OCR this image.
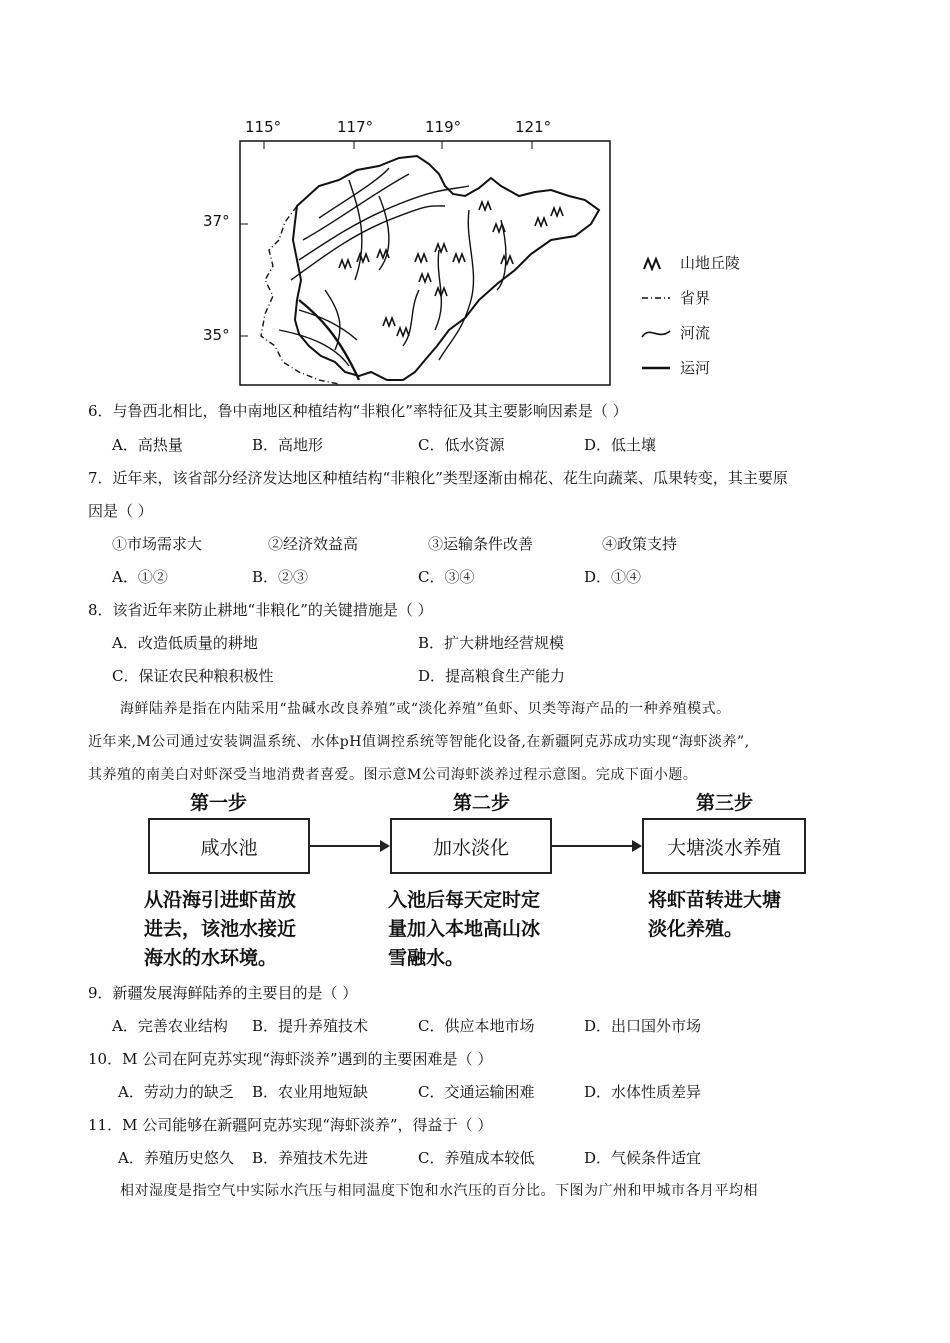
115°	117°	119°	121°
37°
35°
山地丘陵
省界
河流
运河
6．与鲁西北相比，鲁中南地区种植结构“非粮化”率特征及其主要影响因素是（ ）
A．高热量	B．高地形	C．低水资源	D．低土壤
7．近年来，该省部分经济发达地区种植结构“非粮化”类型逐渐由棉花、花生向蔬菜、瓜果转变，其主要原
因是（ ）
①市场需求大	②经济效益高	③运输条件改善	④政策支持
A．①②	B．②③	C．③④	D．①④
8．该省近年来防止耕地“非粮化”的关键措施是（ ）
A．改造低质量的耕地	B．扩大耕地经营规模
C．保证农民种粮积极性	D．提高粮食生产能力
海鲜陆养是指在内陆采用“盐碱水改良养殖”或“淡化养殖”鱼虾、贝类等海产品的一种养殖模式。
近年来,M公司通过安装调温系统、水体pH值调控系统等智能化设备,在新疆阿克苏成功实现“海虾淡养”,
其养殖的南美白对虾深受当地消费者喜爱。图示意M公司海虾淡养过程示意图。完成下面小题。
第一步	第二步	第三步
咸水池	加水淡化	大塘淡水养殖
从沿海引进虾苗放
进去，该池水接近
海水的水环境。
入池后每天定时定
量加入本地高山冰
雪融水。
将虾苗转进大塘
淡化养殖。
9．新疆发展海鲜陆养的主要目的是（ ）
A．完善农业结构 B．提升养殖技术	C．供应本地市场	D．出口国外市场
10．M 公司在阿克苏实现“海虾淡养”遇到的主要困难是（ ）
A．劳动力的缺乏 B．农业用地短缺	C．交通运输困难	D．水体性质差异
11．M 公司能够在新疆阿克苏实现“海虾淡养”，得益于（ ）
A．养殖历史悠久 B．养殖技术先进	C．养殖成本较低	D．气候条件适宜
相对湿度是指空气中实际水汽压与相同温度下饱和水汽压的百分比。下图为广州和甲城市各月平均相
